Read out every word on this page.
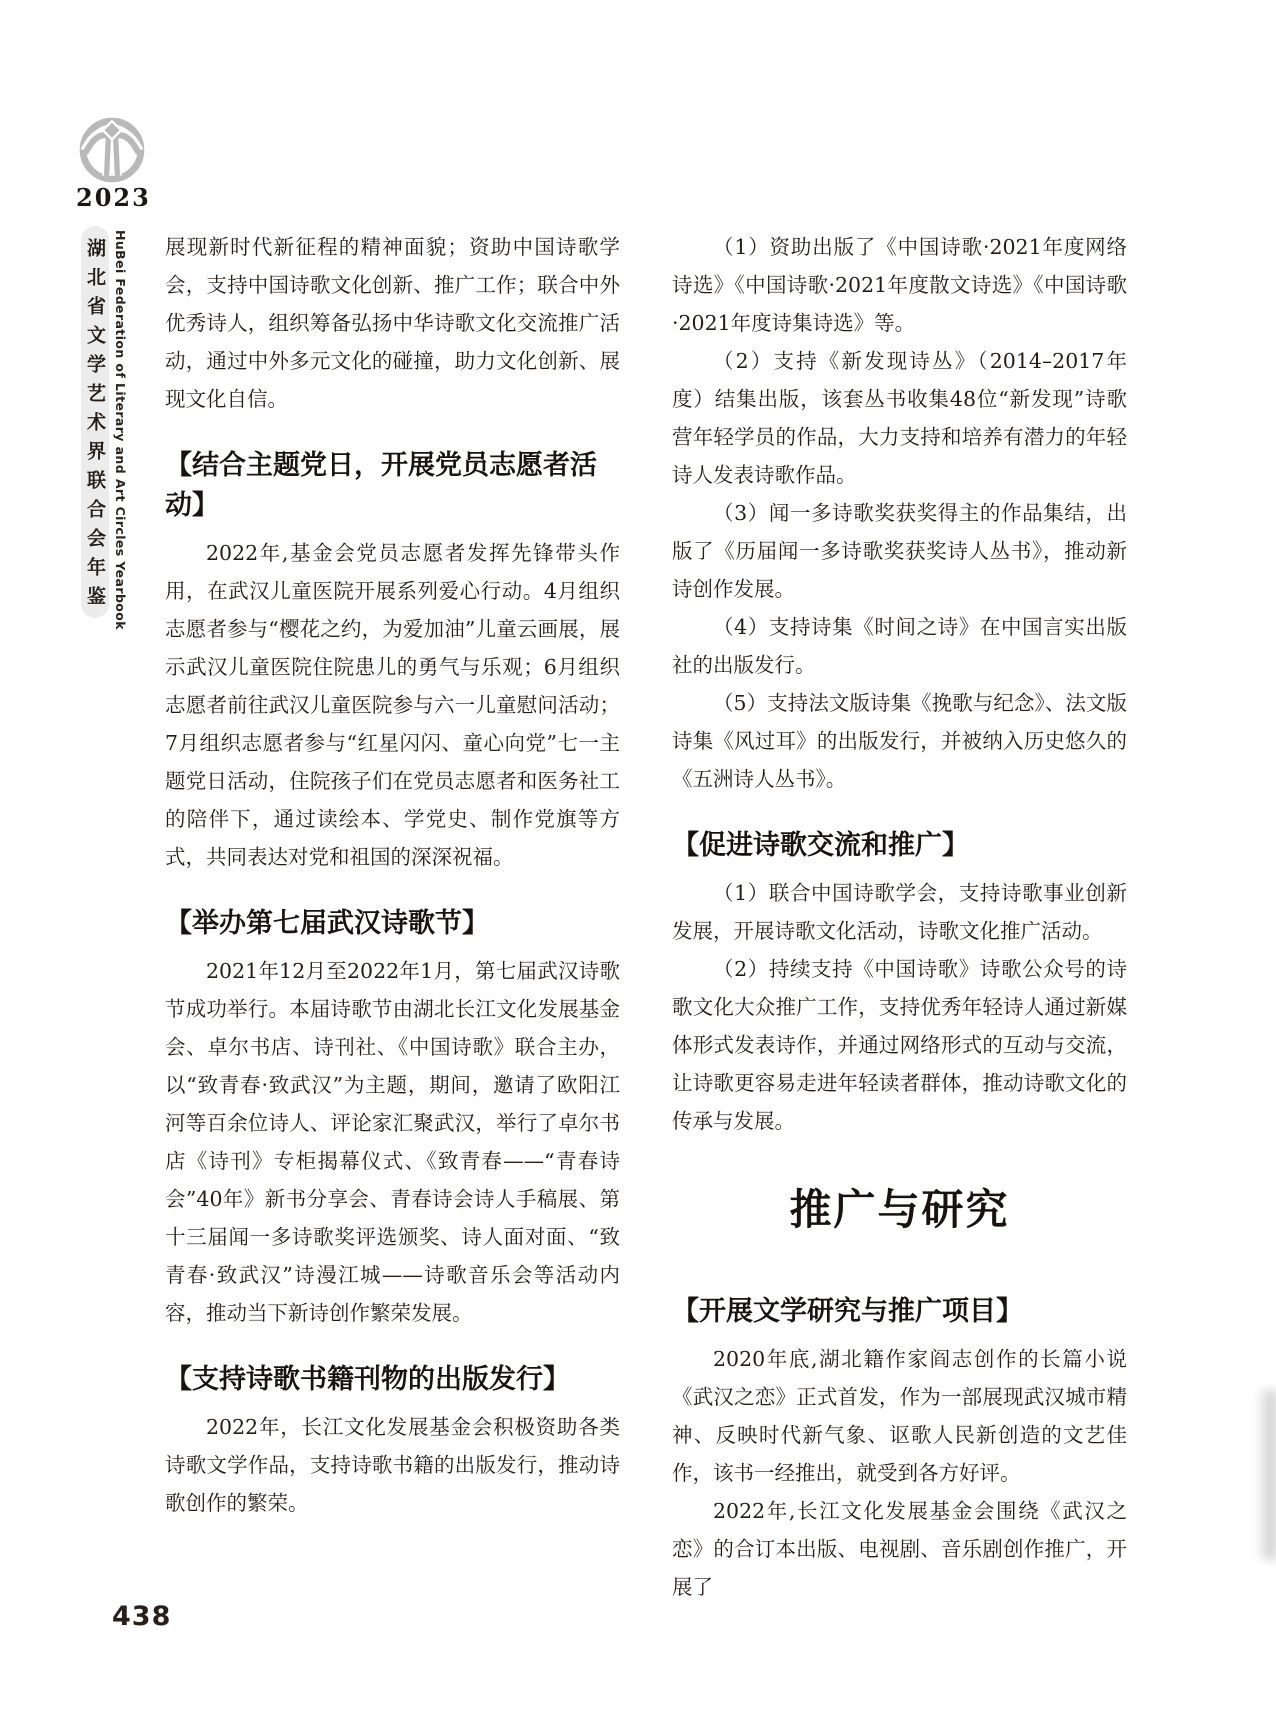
2023
湖北省文学艺术界联合会年鉴 HuBei Federation of Literary and Art Circles Yearbook 展现新时代新征程的精神面貌；资助中国诗歌学会，支持中国诗歌文化创新、推广工作；联合中外优秀诗人，组织筹备弘扬中华诗歌文化交流推广活动，通过中外多元文化的碰撞，助力文化创新、展现文化自信。

【结合主题党日，开展党员志愿者活动】

2022年,基金会党员志愿者发挥先锋带头作用，在武汉儿童医院开展系列爱心行动。4月组织志愿者参与“樱花之约，为爱加油”儿童云画展，展示武汉儿童医院住院患儿的勇气与乐观；6月组织志愿者前往武汉儿童医院参与六一儿童慰问活动；7月组织志愿者参与“红星闪闪、童心向党”七一主题党日活动，住院孩子们在党员志愿者和医务社工的陪伴下，通过读绘本、学党史、制作党旗等方式，共同表达对党和祖国的深深祝福。

【举办第七届武汉诗歌节】

2021年12月至2022年1月，第七届武汉诗歌节成功举行。本届诗歌节由湖北长江文化发展基金会、卓尔书店、诗刊社、《中国诗歌》联合主办，以“致青春·致武汉”为主题，期间，邀请了欧阳江河等百余位诗人、评论家汇聚武汉，举行了卓尔书店《诗刊》专柜揭幕仪式、《致青春——“青春诗会”40年》新书分享会、青春诗会诗人手稿展、第十三届闻一多诗歌奖评选颁奖、诗人面对面、“致青春·致武汉”诗漫江城——诗歌音乐会等活动内容，推动当下新诗创作繁荣发展。

【支持诗歌书籍刊物的出版发行】

2022年，长江文化发展基金会积极资助各类诗歌文学作品，支持诗歌书籍的出版发行，推动诗歌创作的繁荣。

（1）资助出版了《中国诗歌·2021年度网络诗选》《中国诗歌·2021年度散文诗选》《中国诗歌·2021年度诗集诗选》等。

（2）支持《新发现诗丛》（2014–2017年度）结集出版，该套丛书收集48位“新发现”诗歌营年轻学员的作品，大力支持和培养有潜力的年轻诗人发表诗歌作品。

（3）闻一多诗歌奖获奖得主的作品集结，出版了《历届闻一多诗歌奖获奖诗人丛书》，推动新诗创作发展。

（4）支持诗集《时间之诗》在中国言实出版社的出版发行。

（5）支持法文版诗集《挽歌与纪念》、法文版诗集《风过耳》的出版发行，并被纳入历史悠久的《五洲诗人丛书》。

【促进诗歌交流和推广】

（1）联合中国诗歌学会，支持诗歌事业创新发展，开展诗歌文化活动，诗歌文化推广活动。

（2）持续支持《中国诗歌》诗歌公众号的诗歌文化大众推广工作，支持优秀年轻诗人通过新媒体形式发表诗作，并通过网络形式的互动与交流，让诗歌更容易走进年轻读者群体，推动诗歌文化的传承与发展。

推广与研究
【开展文学研究与推广项目】

2020年底,湖北籍作家阎志创作的长篇小说《武汉之恋》正式首发，作为一部展现武汉城市精神、反映时代新气象、讴歌人民新创造的文艺佳作，该书一经推出，就受到各方好评。

2022年,长江文化发展基金会围绕《武汉之恋》的合订本出版、电视剧、音乐剧创作推广，开展了

438
